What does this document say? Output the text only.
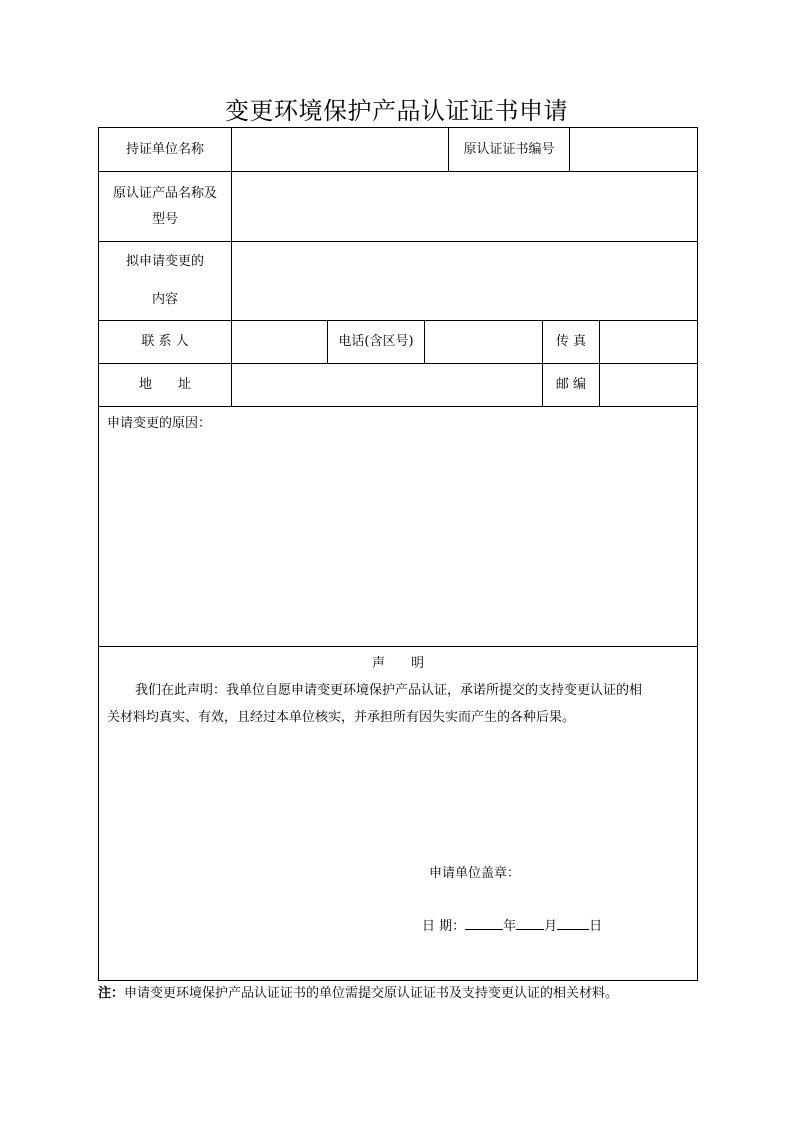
变更环境保护产品认证证书申请
持证单位名称	原认证证书编号
原认证产品名称及
型号
拟申请变更的
内容
联 系 人	电话(含区号)	传 真
地　　址	邮 编
申请变更的原因：
声　　明
我们在此声明：我单位自愿申请变更环境保护产品认证，承诺所提交的支持变更认证的相
关材料均真实、有效，且经过本单位核实，并承担所有因失实而产生的各种后果。
申请单位盖章：
日 期：	年 月 日
注：申请变更环境保护产品认证证书的单位需提交原认证证书及支持变更认证的相关材料。
